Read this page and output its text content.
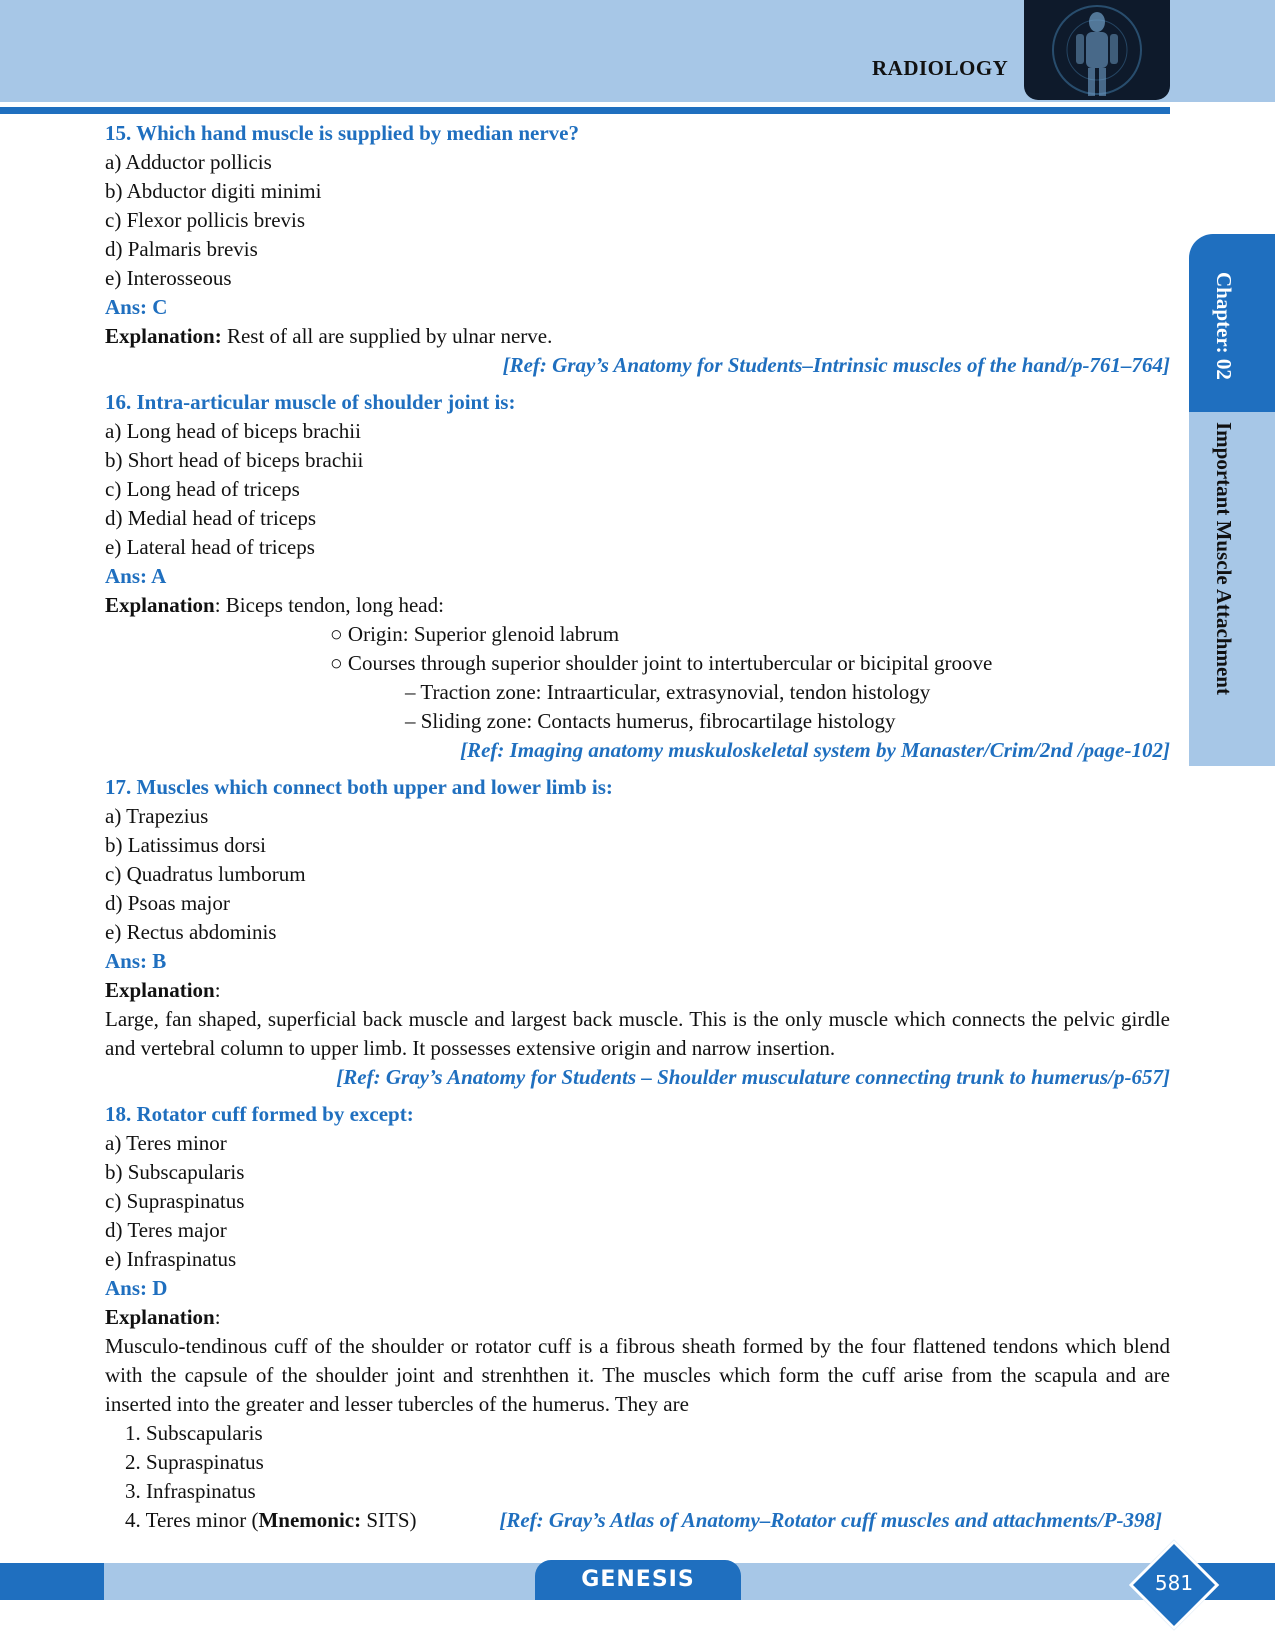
RADIOLOGY
Chapter: 02
Important Muscle Attachment
15. Which hand muscle is supplied by median nerve?
a) Adductor pollicis
b) Abductor digiti minimi
c) Flexor pollicis brevis
d) Palmaris brevis
e) Interosseous
Ans: C
Explanation: Rest of all are supplied by ulnar nerve.
[Ref: Gray’s Anatomy for Students–Intrinsic muscles of the hand/p-761–764]
16. Intra-articular muscle of shoulder joint is:
a) Long head of biceps brachii
b) Short head of biceps brachii
c) Long head of triceps
d) Medial head of triceps
e) Lateral head of triceps
Ans: A
Explanation: Biceps tendon, long head:
○ Origin: Superior glenoid labrum
○ Courses through superior shoulder joint to intertubercular or bicipital groove
– Traction zone: Intraarticular, extrasynovial, tendon histology
– Sliding zone: Contacts humerus, fibrocartilage histology
[Ref: Imaging anatomy muskuloskeletal system by Manaster/Crim/2nd /page-102]
17. Muscles which connect both upper and lower limb is:
a) Trapezius
b) Latissimus dorsi
c) Quadratus lumborum
d) Psoas major
e) Rectus abdominis
Ans: B
Explanation:
Large, fan shaped, superficial back muscle and largest back muscle. This is the only muscle which connects the pelvic girdle and vertebral column to upper limb. It possesses extensive origin and narrow insertion.
[Ref: Gray’s Anatomy for Students – Shoulder musculature connecting trunk to humerus/p-657]
18. Rotator cuff formed by except:
a) Teres minor
b) Subscapularis
c) Supraspinatus
d) Teres major
e) Infraspinatus
Ans: D
Explanation:
Musculo-tendinous cuff of the shoulder or rotator cuff is a fibrous sheath formed by the four flattened tendons which blend with the capsule of the shoulder joint and strenhthen it. The muscles which form the cuff arise from the scapula and are inserted into the greater and lesser tubercles of the humerus. They are
1. Subscapularis
2. Supraspinatus
3. Infraspinatus
4. Teres minor (Mnemonic: SITS)	[Ref: Gray’s Atlas of Anatomy–Rotator cuff muscles and attachments/P-398]
GENESIS	581
